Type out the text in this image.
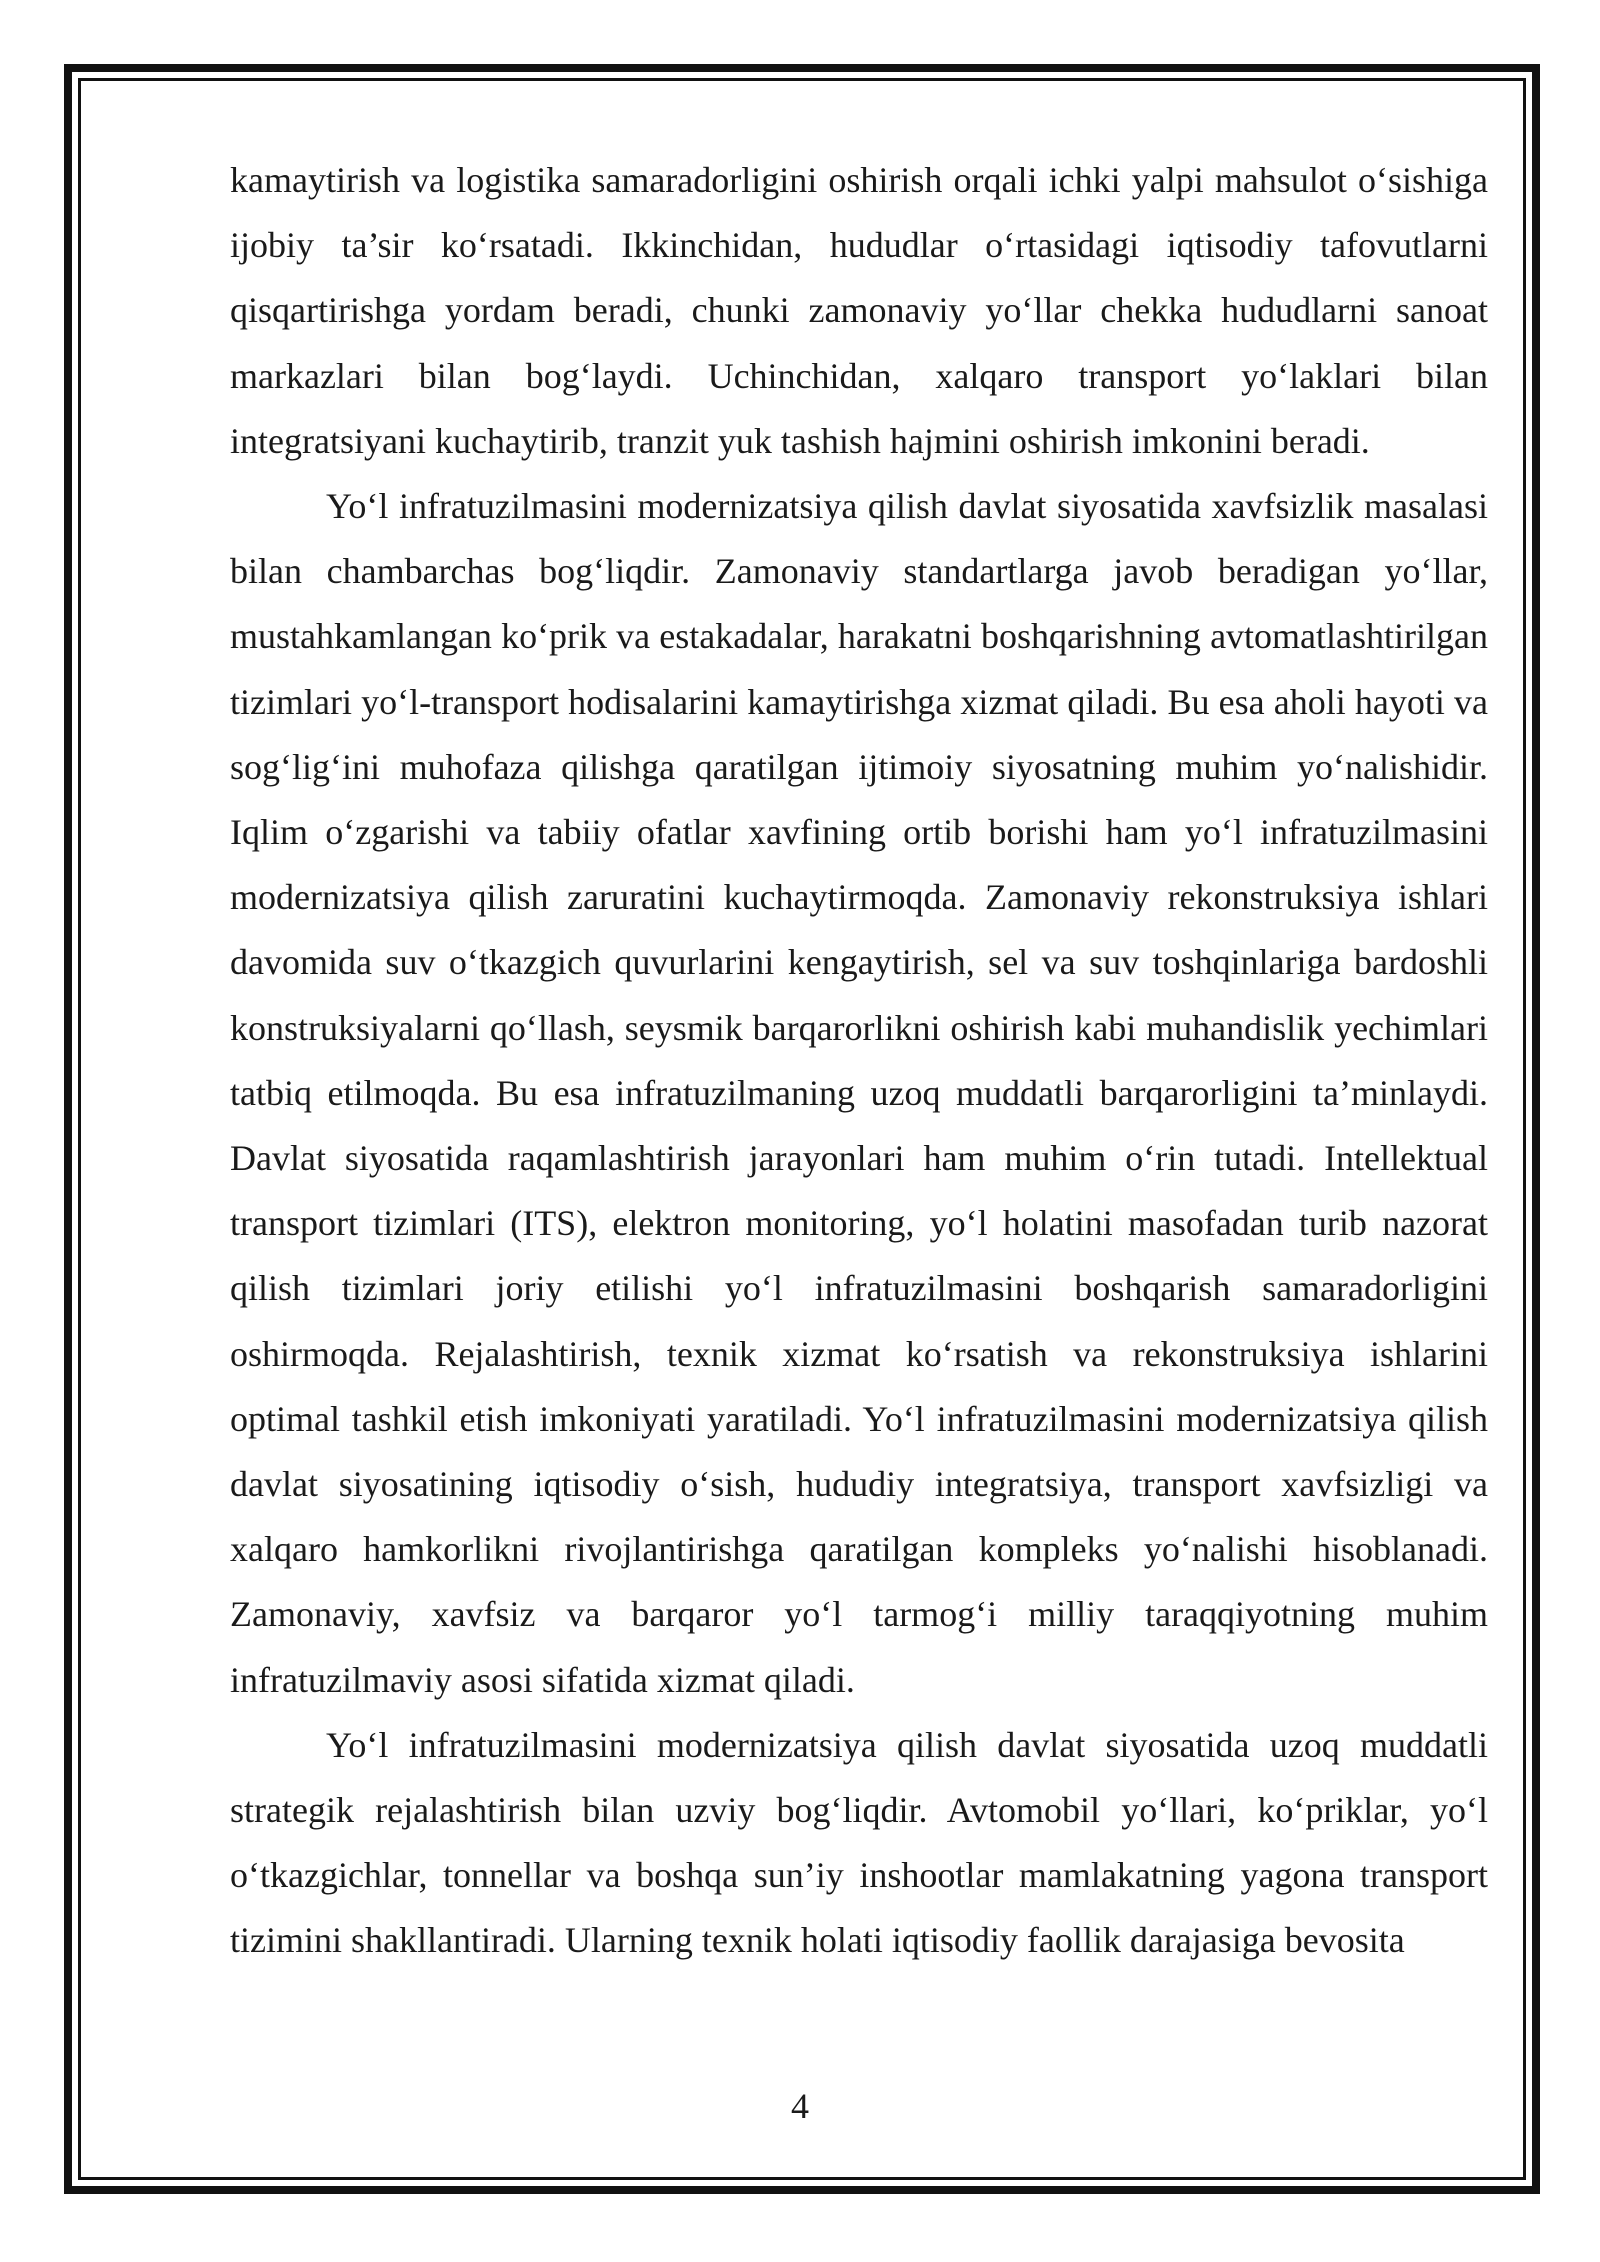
kamaytirish va logistika samaradorligini oshirish orqali ichki yalpi mahsulot o‘sishiga ijobiy ta’sir ko‘rsatadi. Ikkinchidan, hududlar o‘rtasidagi iqtisodiy tafovutlarni qisqartirishga yordam beradi, chunki zamonaviy yo‘llar chekka hududlarni sanoat markazlari bilan bog‘laydi. Uchinchidan, xalqaro transport yo‘laklari bilan integratsiyani kuchaytirib, tranzit yuk tashish hajmini oshirish imkonini beradi.

Yo‘l infratuzilmasini modernizatsiya qilish davlat siyosatida xavfsizlik masalasi bilan chambarchas bog‘liqdir. Zamonaviy standartlarga javob beradigan yo‘llar, mustahkamlangan ko‘prik va estakadalar, harakatni boshqarishning avtomatlashtirilgan tizimlari yo‘l-transport hodisalarini kamaytirishga xizmat qiladi. Bu esa aholi hayoti va sog‘lig‘ini muhofaza qilishga qaratilgan ijtimoiy siyosatning muhim yo‘nalishidir. Iqlim o‘zgarishi va tabiiy ofatlar xavfining ortib borishi ham yo‘l infratuzilmasini modernizatsiya qilish zaruratini kuchaytirmoqda. Zamonaviy rekonstruksiya ishlari davomida suv o‘tkazgich quvurlarini kengaytirish, sel va suv toshqinlariga bardoshli konstruksiyalarni qo‘llash, seysmik barqarorlikni oshirish kabi muhandislik yechimlari tatbiq etilmoqda. Bu esa infratuzilmaning uzoq muddatli barqarorligini ta’minlaydi. Davlat siyosatida raqamlashtirish jarayonlari ham muhim o‘rin tutadi. Intellektual transport tizimlari (ITS), elektron monitoring, yo‘l holatini masofadan turib nazorat qilish tizimlari joriy etilishi yo‘l infratuzilmasini boshqarish samaradorligini oshirmoqda. Rejalashtirish, texnik xizmat ko‘rsatish va rekonstruksiya ishlarini optimal tashkil etish imkoniyati yaratiladi. Yo‘l infratuzilmasini modernizatsiya qilish davlat siyosatining iqtisodiy o‘sish, hududiy integratsiya, transport xavfsizligi va xalqaro hamkorlikni rivojlantirishga qaratilgan kompleks yo‘nalishi hisoblanadi. Zamonaviy, xavfsiz va barqaror yo‘l tarmog‘i milliy taraqqiyotning muhim infratuzilmaviy asosi sifatida xizmat qiladi.

Yo‘l infratuzilmasini modernizatsiya qilish davlat siyosatida uzoq muddatli strategik rejalashtirish bilan uzviy bog‘liqdir. Avtomobil yo‘llari, ko‘priklar, yo‘l o‘tkazgichlar, tonnellar va boshqa sun’iy inshootlar mamlakatning yagona transport tizimini shakllantiradi. Ularning texnik holati iqtisodiy faollik darajasiga bevosita

4
